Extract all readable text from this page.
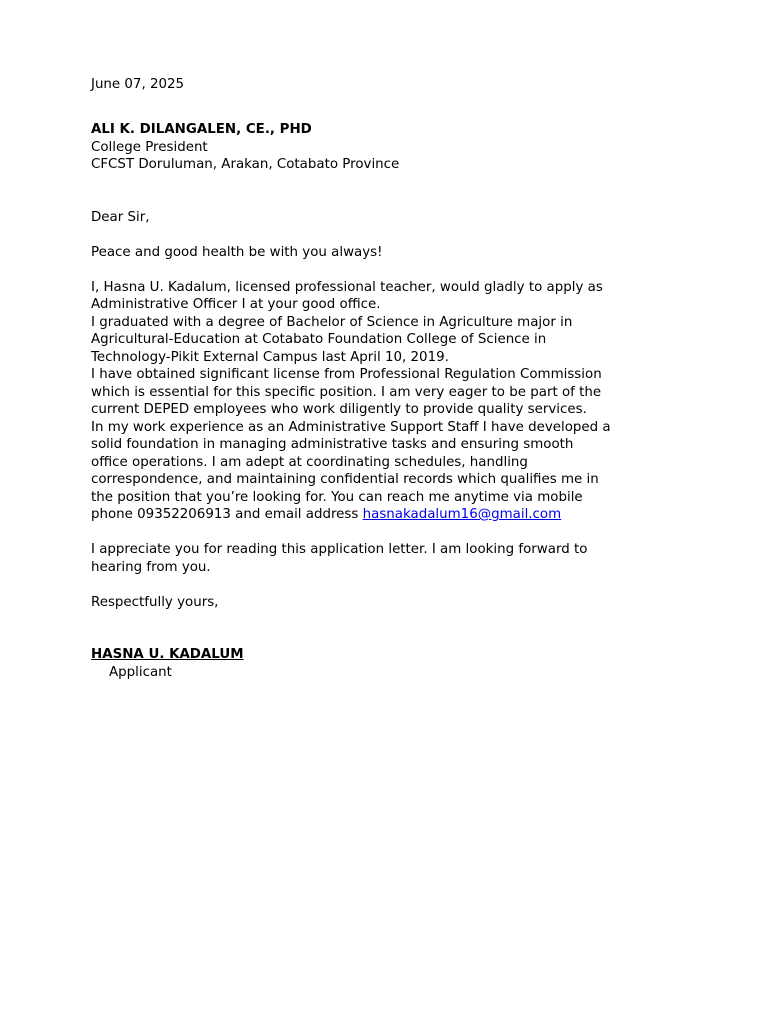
June 07, 2025
ALI K. DILANGALEN, CE., PHD
College President
CFCST Doruluman, Arakan, Cotabato Province
Dear Sir,
Peace and good health be with you always!
I, Hasna U. Kadalum, licensed professional teacher, would gladly to apply as
Administrative Officer I at your good office.
I graduated with a degree of Bachelor of Science in Agriculture major in
Agricultural-Education at Cotabato Foundation College of Science in
Technology-Pikit External Campus last April 10, 2019.
I have obtained significant license from Professional Regulation Commission
which is essential for this specific position. I am very eager to be part of the
current DEPED employees who work diligently to provide quality services.
In my work experience as an Administrative Support Staff I have developed a
solid foundation in managing administrative tasks and ensuring smooth
office operations. I am adept at coordinating schedules, handling
correspondence, and maintaining confidential records which qualifies me in
the position that you’re looking for. You can reach me anytime via mobile
phone 09352206913 and email address hasnakadalum16@gmail.com
I appreciate you for reading this application letter. I am looking forward to
hearing from you.
Respectfully yours,
HASNA U. KADALUM
Applicant
